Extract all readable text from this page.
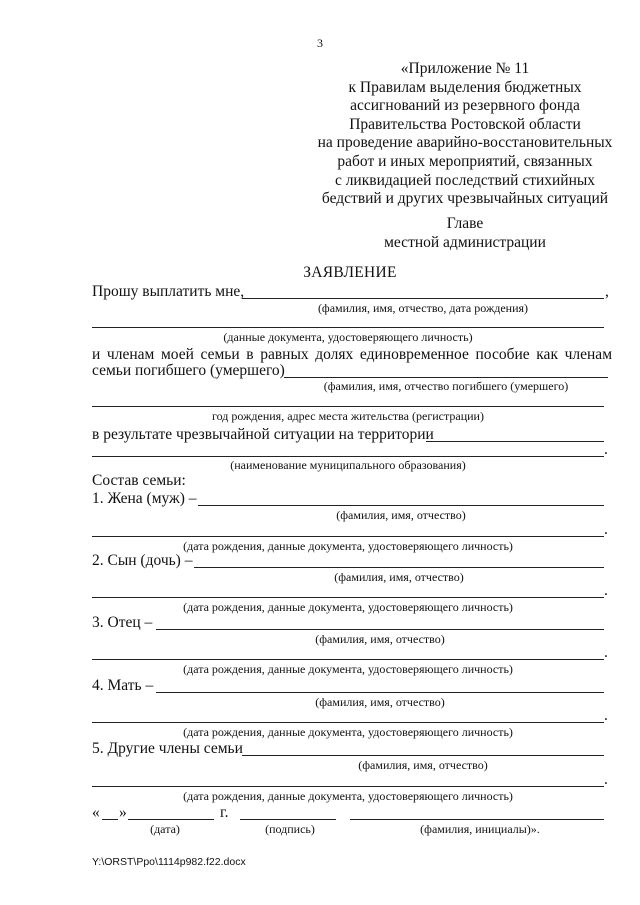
3
«Приложение № 11
к Правилам выделения бюджетных
ассигнований из резервного фонда
Правительства Ростовской области
на проведение аварийно-восстановительных
работ и иных мероприятий, связанных
с ликвидацией последствий стихийных
бедствий и других чрезвычайных ситуаций
Главе
местной администрации
ЗАЯВЛЕНИЕ
Прошу выплатить мне,	,
(фамилия, имя, отчество, дата рождения)
(данные документа, удостоверяющего личность)
и членам моей семьи в равных долях единовременное пособие как членам
семьи погибшего (умершего)
(фамилия, имя, отчество погибшего (умершего)
год рождения, адрес места жительства (регистрации)
в результате чрезвычайной ситуации на территории
.
(наименование муниципального образования)
Состав семьи:
1. Жена (муж) –
(фамилия, имя, отчество)
.
(дата рождения, данные документа, удостоверяющего личность)
2. Сын (дочь) –
(фамилия, имя, отчество)
.
(дата рождения, данные документа, удостоверяющего личность)
3. Отец –
(фамилия, имя, отчество)
.
(дата рождения, данные документа, удостоверяющего личность)
4. Мать –
(фамилия, имя, отчество)
.
(дата рождения, данные документа, удостоверяющего личность)
5. Другие члены семьи
(фамилия, имя, отчество)
.
(дата рождения, данные документа, удостоверяющего личность)
« »	г.
(дата)	(подпись)	(фамилия, инициалы)».
Y:\ORST\Ppo\1114p982.f22.docx
